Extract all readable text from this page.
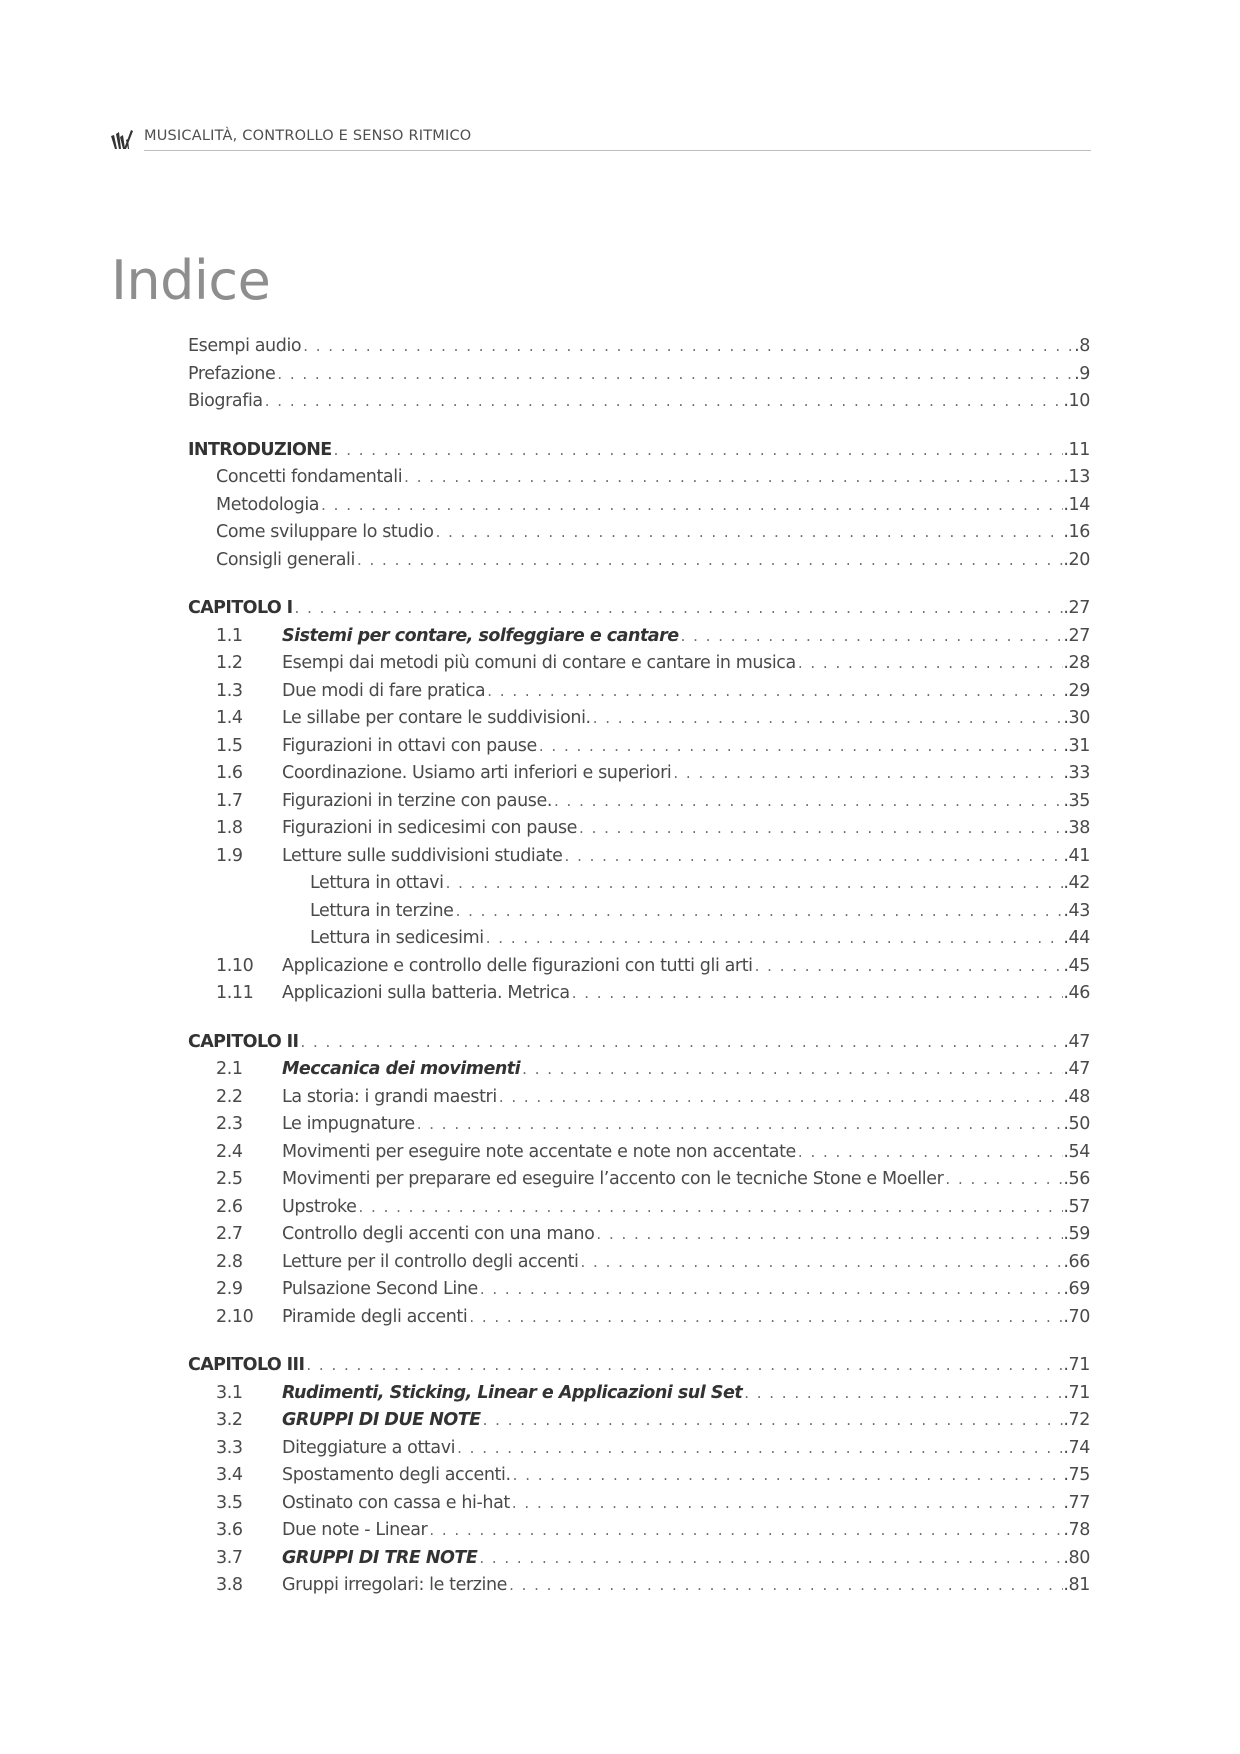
MUSICALITÀ, CONTROLLO E SENSO RITMICO
Indice
Esempi audio . . .	.8
Prefazione . . .	.9
Biografia . . .	.10
INTRODUZIONE . . .	.11
Concetti fondamentali . . .	.13
Metodologia . . .	.14
Come sviluppare lo studio . . .	.16
Consigli generali . . .	.20
CAPITOLO I . . .	.27
1.1	Sistemi per contare, solfeggiare e cantare . . .	.27
1.2	Esempi dai metodi più comuni di contare e cantare in musica . . .	.28
1.3	Due modi di fare pratica . . .	.29
1.4	Le sillabe per contare le suddivisioni. . . .	.30
1.5	Figurazioni in ottavi con pause . . .	.31
1.6	Coordinazione. Usiamo arti inferiori e superiori . . .	.33
1.7	Figurazioni in terzine con pause. . . .	.35
1.8	Figurazioni in sedicesimi con pause . . .	.38
1.9	Letture sulle suddivisioni studiate . . .	.41
Lettura in ottavi . . .	.42
Lettura in terzine . . .	.43
Lettura in sedicesimi . . .	.44
1.10	Applicazione e controllo delle figurazioni con tutti gli arti . . .	.45
1.11	Applicazioni sulla batteria. Metrica . . .	.46
CAPITOLO II . . .	.47
2.1	Meccanica dei movimenti . . .	.47
2.2	La storia: i grandi maestri . . .	.48
2.3	Le impugnature . . .	.50
2.4	Movimenti per eseguire note accentate e note non accentate . . .	.54
2.5	Movimenti per preparare ed eseguire l’accento con le tecniche Stone e Moeller . . .	.56
2.6	Upstroke . . .	.57
2.7	Controllo degli accenti con una mano . . .	.59
2.8	Letture per il controllo degli accenti . . .	.66
2.9	Pulsazione Second Line . . .	.69
2.10	Piramide degli accenti . . .	.70
CAPITOLO III . . .	.71
3.1	Rudimenti, Sticking, Linear e Applicazioni sul Set . . .	.71
3.2	GRUPPI DI DUE NOTE . . .	.72
3.3	Diteggiature a ottavi . . .	.74
3.4	Spostamento degli accenti. . . .	.75
3.5	Ostinato con cassa e hi-hat . . .	.77
3.6	Due note - Linear . . .	.78
3.7	GRUPPI DI TRE NOTE . . .	.80
3.8	Gruppi irregolari: le terzine . . .	.81
